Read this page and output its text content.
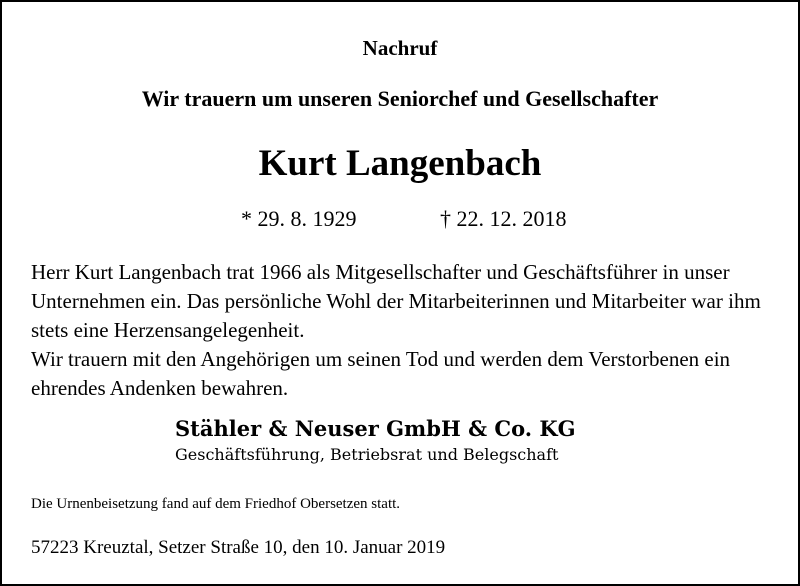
Nachruf
Wir trauern um unseren Seniorchef und Gesellschafter
Kurt Langenbach
* 29. 8. 1929	† 22. 12. 2018
Herr Kurt Langenbach trat 1966 als Mitgesellschafter und Geschäftsführer in unser Unternehmen ein. Das persönliche Wohl der Mitarbeiterinnen und Mitarbeiter war ihm stets eine Herzensangelegenheit.
Wir trauern mit den Angehörigen um seinen Tod und werden dem Verstorbenen ein ehrendes Andenken bewahren.
Stähler & Neuser GmbH & Co. KG
Geschäftsführung, Betriebsrat und Belegschaft
Die Urnenbeisetzung fand auf dem Friedhof Obersetzen statt.
57223 Kreuztal, Setzer Straße 10, den 10. Januar 2019
